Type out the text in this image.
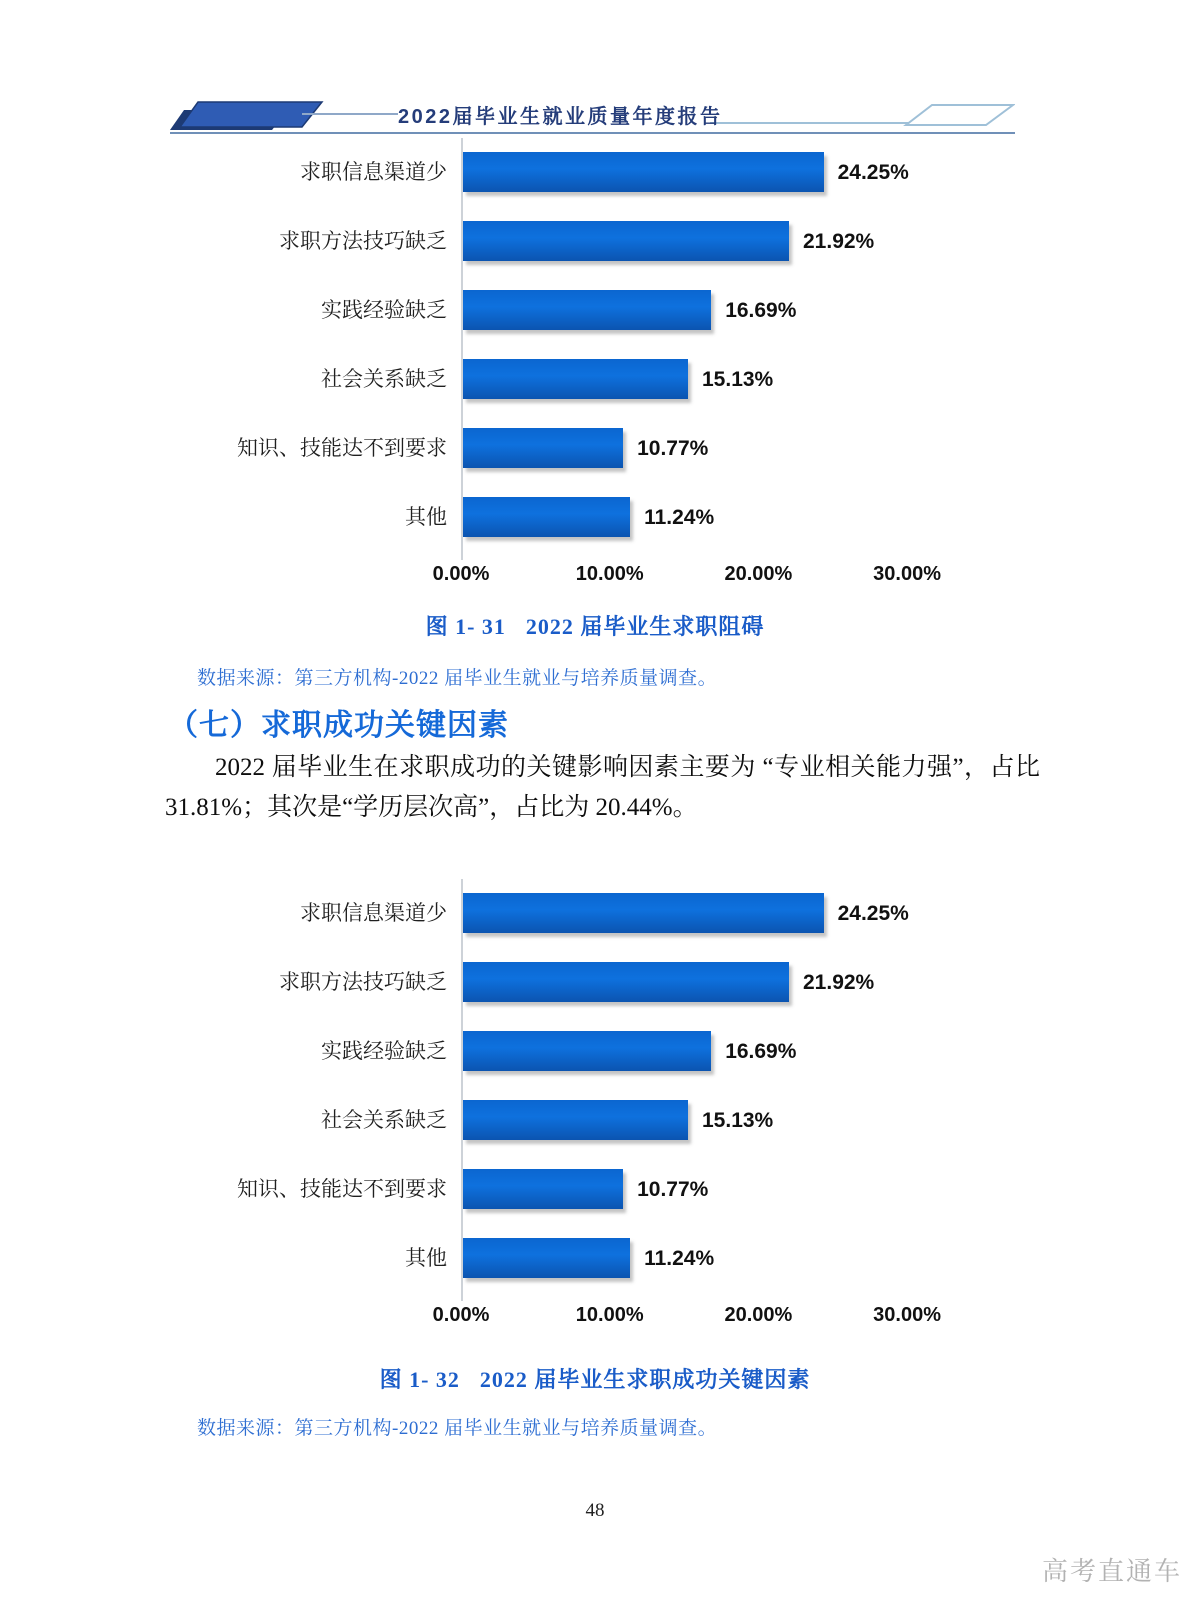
2022届毕业生就业质量年度报告
求职信息渠道少	24.25%
求职方法技巧缺乏	21.92%
实践经验缺乏	16.69%
社会关系缺乏	15.13%
知识、技能达不到要求	10.77%
其他	11.24%
0.00%	10.00%	20.00%	30.00%
图 1- 31 2022 届毕业生求职阻碍
数据来源：第三方机构-2022 届毕业生就业与培养质量调查。
（七）求职成功关键因素

2022 届毕业生在求职成功的关键影响因素主要为 “专业相关能力强”，占比 31.81%；其次是“学历层次高”，占比为 20.44%。

求职信息渠道少	24.25%
求职方法技巧缺乏	21.92%
实践经验缺乏	16.69%
社会关系缺乏	15.13%
知识、技能达不到要求	10.77%
其他	11.24%
0.00%	10.00%	20.00%	30.00%
图 1- 32 2022 届毕业生求职成功关键因素
数据来源：第三方机构-2022 届毕业生就业与培养质量调查。
48
高考直通车
